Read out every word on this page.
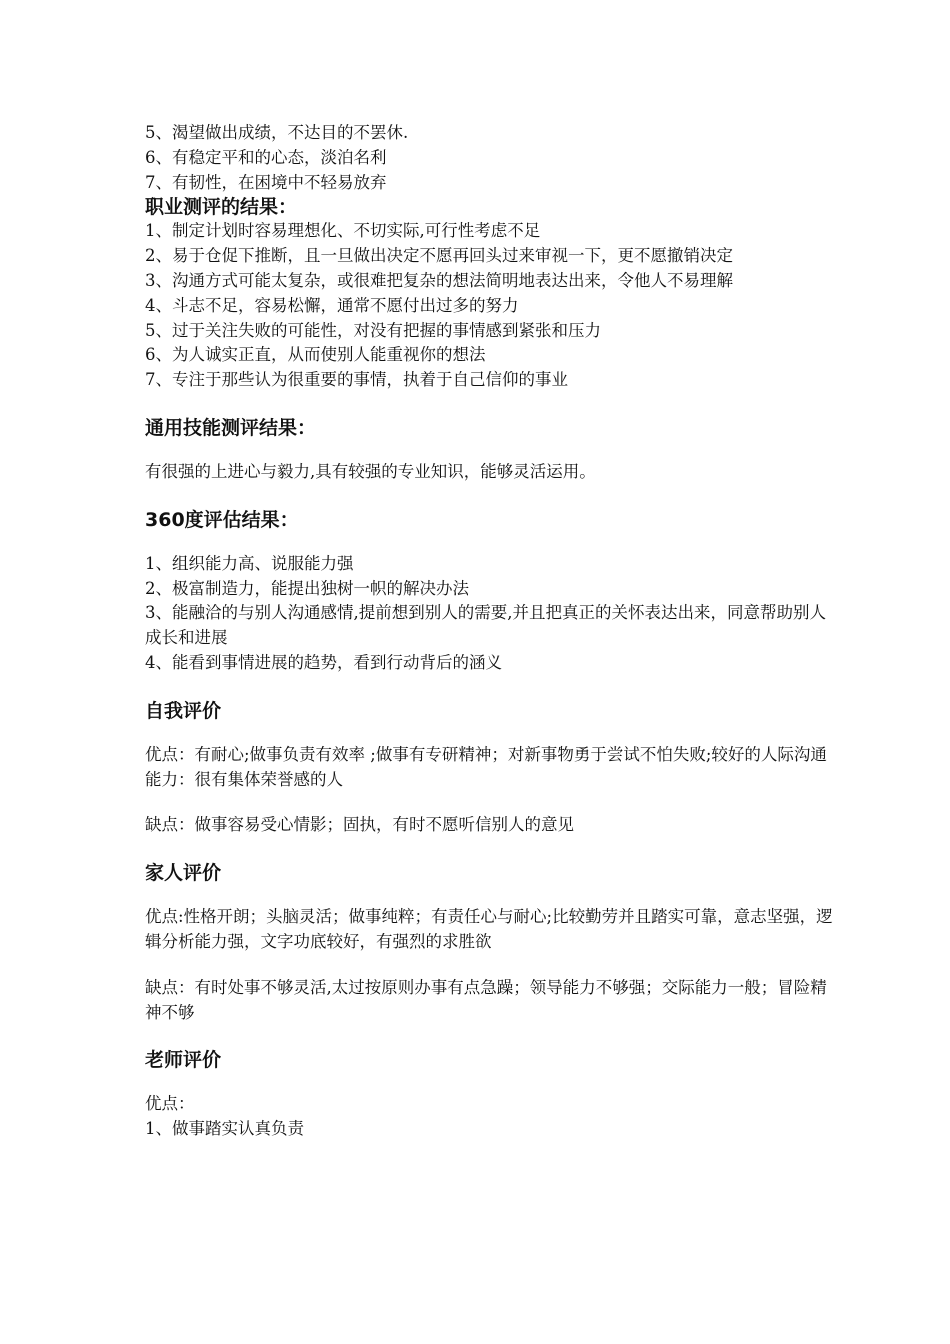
5、渴望做出成绩，不达目的不罢休.

6、有稳定平和的心态，淡泊名利

7、有韧性，在困境中不轻易放弃

职业测评的结果：

1、制定计划时容易理想化、不切实际,可行性考虑不足

2、易于仓促下推断，且一旦做出决定不愿再回头过来审视一下，更不愿撤销决定

3、沟通方式可能太复杂，或很难把复杂的想法简明地表达出来，令他人不易理解

4、斗志不足，容易松懈，通常不愿付出过多的努力

5、过于关注失败的可能性，对没有把握的事情感到紧张和压力

6、为人诚实正直，从而使别人能重视你的想法

7、专注于那些认为很重要的事情，执着于自己信仰的事业

通用技能测评结果：

有很强的上进心与毅力,具有较强的专业知识，能够灵活运用。

360度评估结果：

1、组织能力高、说服能力强

2、极富制造力，能提出独树一帜的解决办法

3、能融洽的与别人沟通感情,提前想到别人的需要,并且把真正的关怀表达出来，同意帮助别人成长和进展

4、能看到事情进展的趋势，看到行动背后的涵义

自我评价

优点：有耐心;做事负责有效率 ;做事有专研精神；对新事物勇于尝试不怕失败;较好的人际沟通能力：很有集体荣誉感的人

缺点：做事容易受心情影；固执，有时不愿听信别人的意见

家人评价

优点:性格开朗；头脑灵活；做事纯粹；有责任心与耐心;比较勤劳并且踏实可靠，意志坚强，逻辑分析能力强，文字功底较好，有强烈的求胜欲

缺点：有时处事不够灵活,太过按原则办事有点急躁；领导能力不够强；交际能力一般；冒险精神不够

老师评价

优点：

1、做事踏实认真负责
